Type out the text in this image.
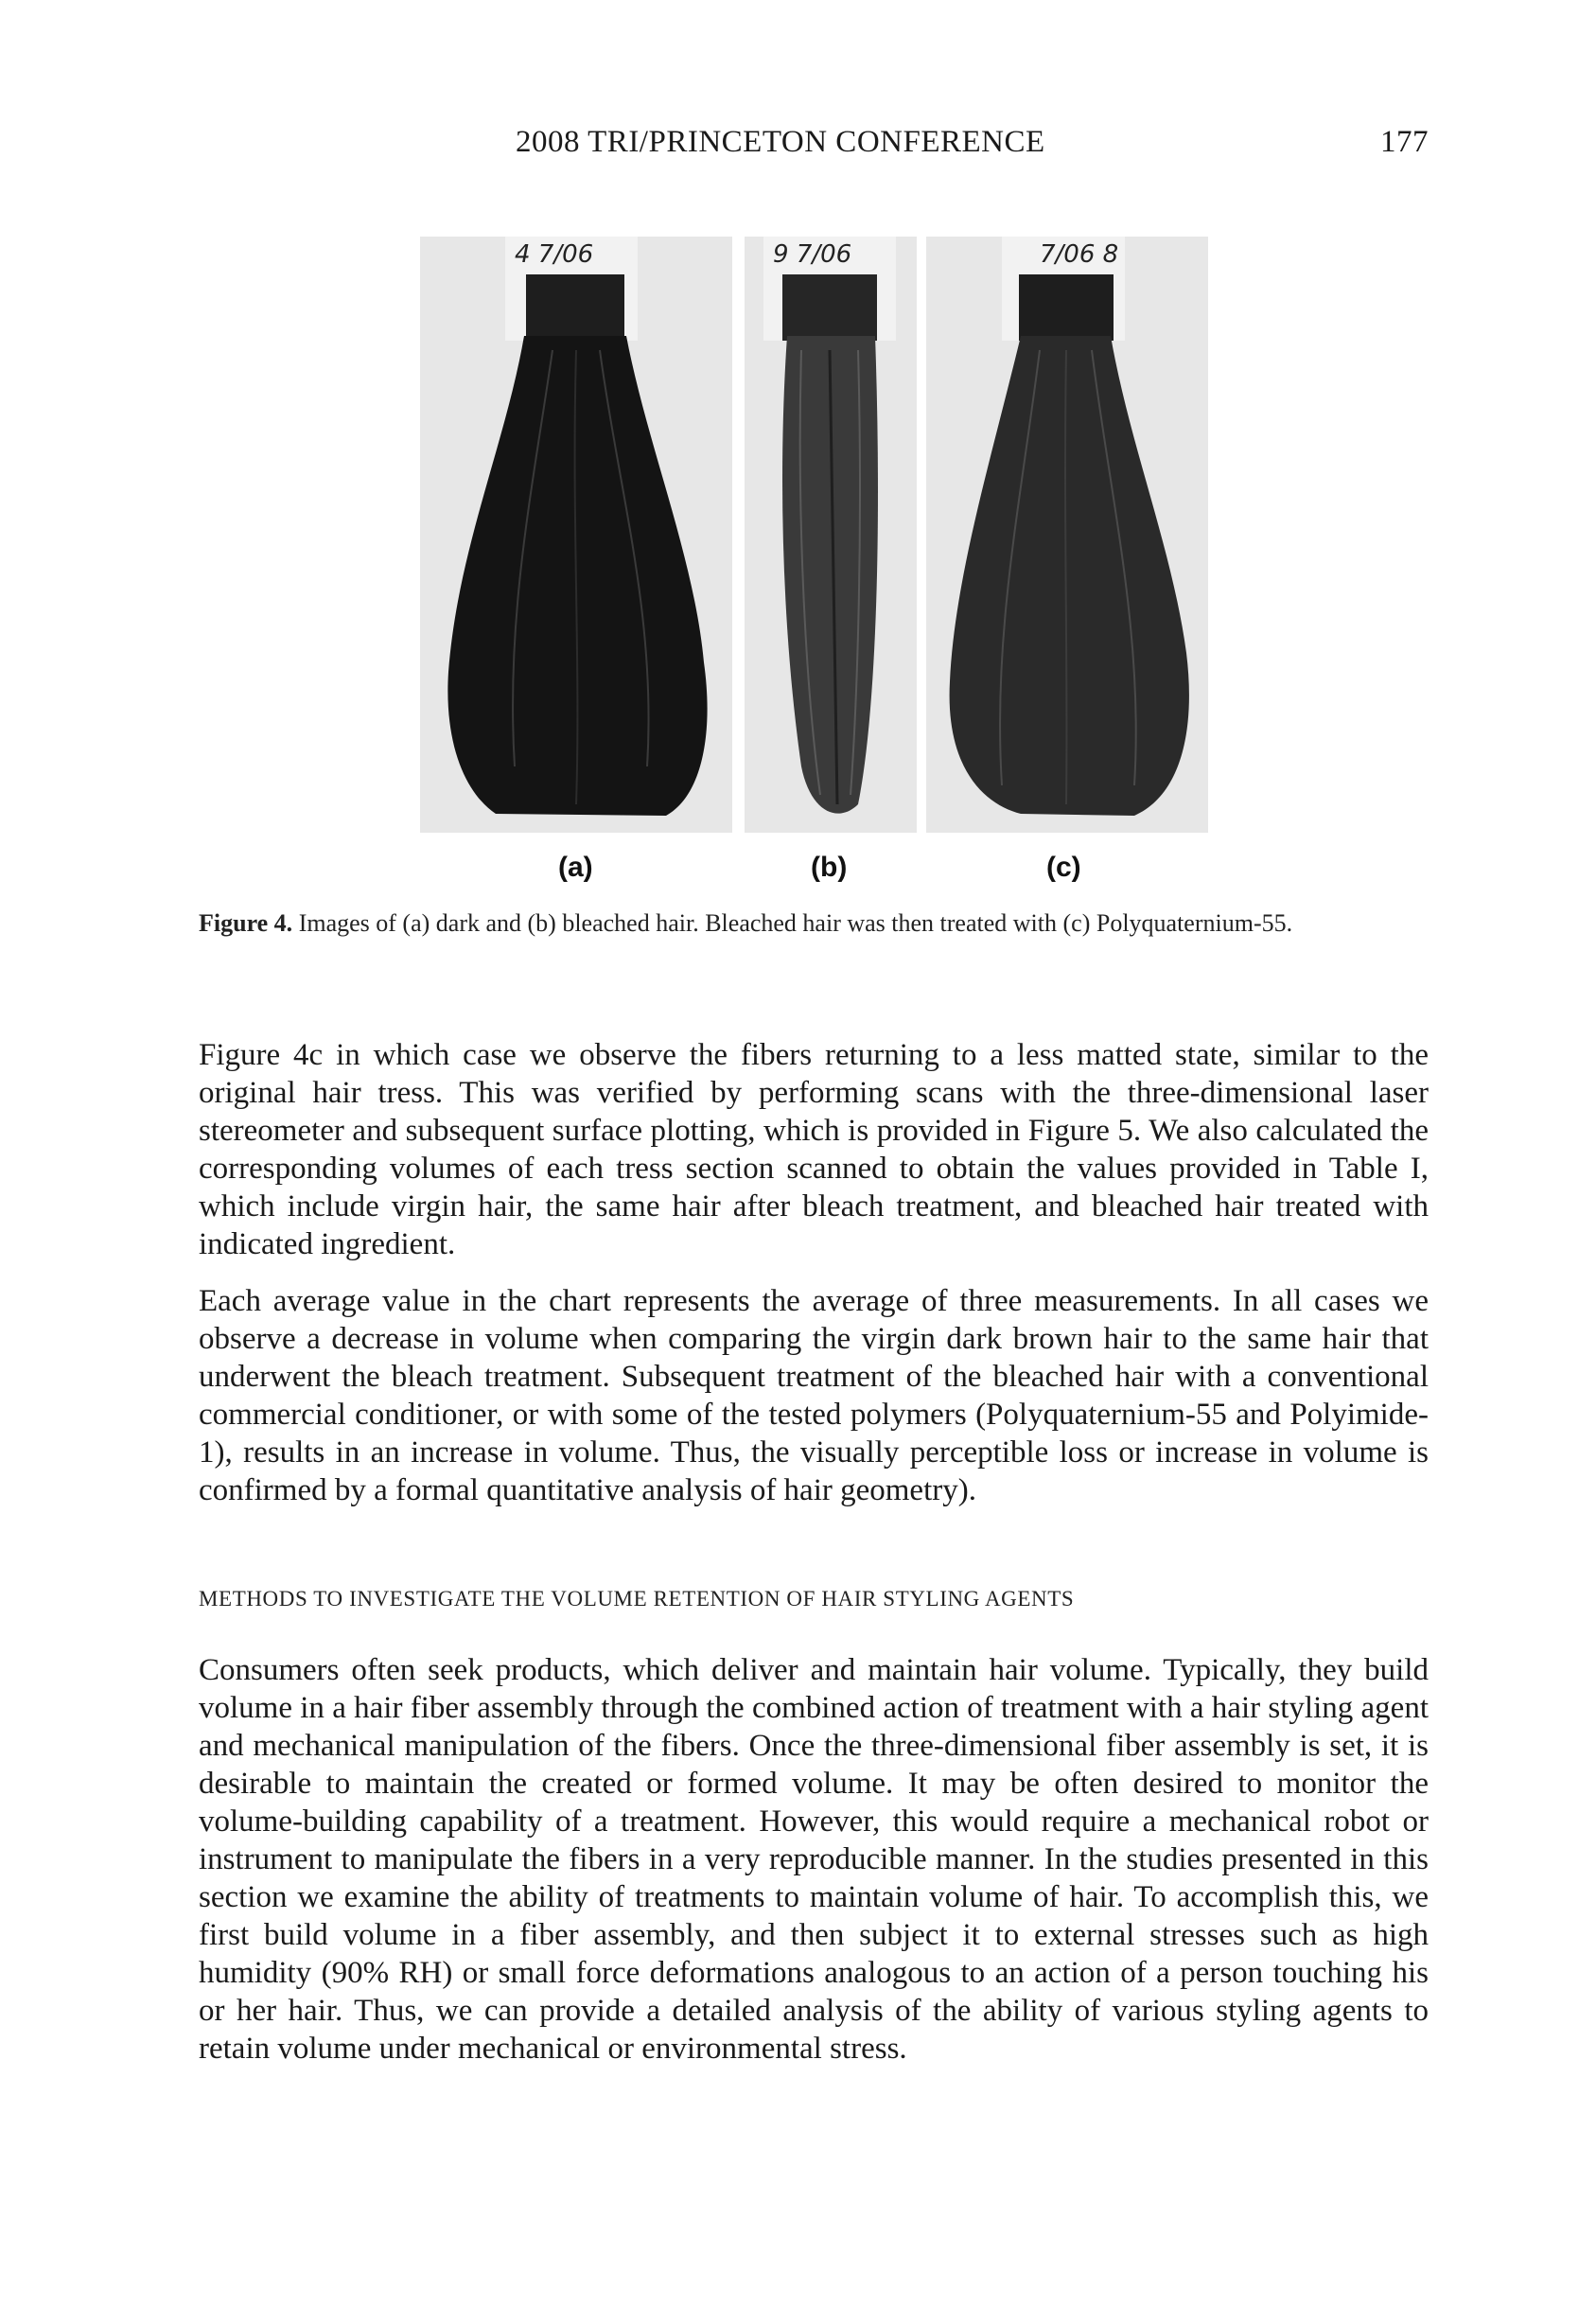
2008 TRI/PRINCETON CONFERENCE	177
4 7/06	9 7/06	7/06 8
(a)	(b)	(c)
Figure 4. Images of (a) dark and (b) bleached hair. Bleached hair was then treated with (c) Polyquaternium-55.

Figure 4c in which case we observe the fibers returning to a less matted state, similar to the original hair tress. This was verified by performing scans with the three-dimensional laser stereometer and subsequent surface plotting, which is provided in Figure 5. We also calculated the corresponding volumes of each tress section scanned to obtain the values provided in Table I, which include virgin hair, the same hair after bleach treatment, and bleached hair treated with indicated ingredient.

Each average value in the chart represents the average of three measurements. In all cases we observe a decrease in volume when comparing the virgin dark brown hair to the same hair that underwent the bleach treatment. Subsequent treatment of the bleached hair with a conventional commercial conditioner, or with some of the tested polymers (Polyquaternium-55 and Polyimide-1), results in an increase in volume. Thus, the visually perceptible loss or increase in volume is confirmed by a formal quantitative analysis of hair geometry).

METHODS TO INVESTIGATE THE VOLUME RETENTION OF HAIR STYLING AGENTS

Consumers often seek products, which deliver and maintain hair volume. Typically, they build volume in a hair fiber assembly through the combined action of treatment with a hair styling agent and mechanical manipulation of the fibers. Once the three-dimensional fiber assembly is set, it is desirable to maintain the created or formed volume. It may be often desired to monitor the volume-building capability of a treatment. However, this would require a mechanical robot or instrument to manipulate the fibers in a very reproducible manner. In the studies presented in this section we examine the ability of treatments to maintain volume of hair. To accomplish this, we first build volume in a fiber assembly, and then subject it to external stresses such as high humidity (90% RH) or small force deformations analogous to an action of a person touching his or her hair. Thus, we can provide a detailed analysis of the ability of various styling agents to retain volume under mechanical or environmental stress.
